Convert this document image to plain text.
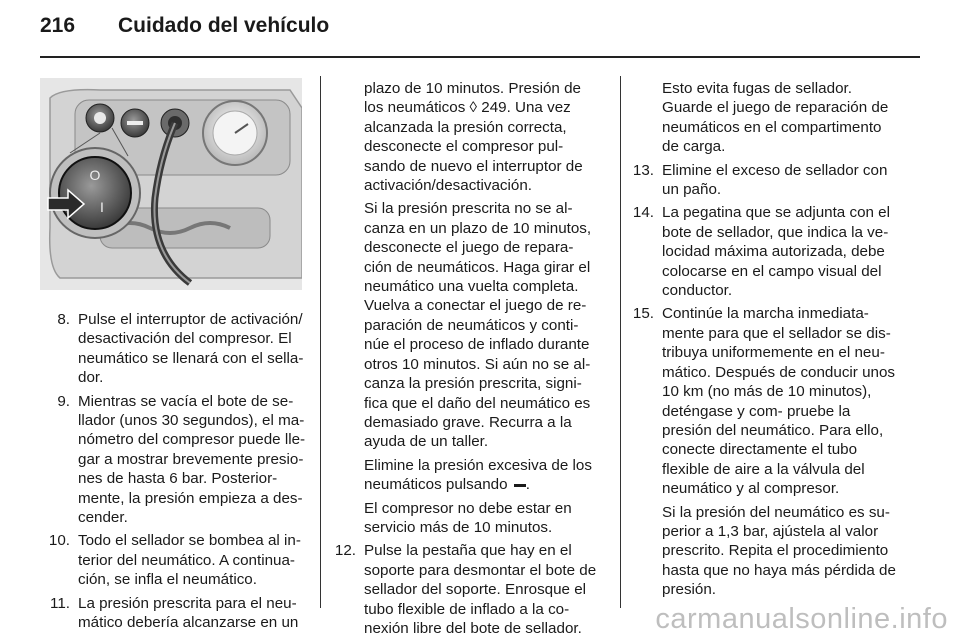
216	Cuidado del vehículo
O
I
8. Pulse el interruptor de activación/ desactivación del compresor. El neumático se llenará con el sella- dor.
9. Mientras se vacía el bote de se- llador (unos 30 segundos), el ma- nómetro del compresor puede lle- gar a mostrar brevemente presio- nes de hasta 6 bar. Posterior- mente, la presión empieza a des- cender.
10. Todo el sellador se bombea al in- terior del neumático. A continua- ción, se infla el neumático.
11. La presión prescrita para el neu- mático debería alcanzarse en un
plazo de 10 minutos. Presión de los neumáticos ◊ 249. Una vez alcanzada la presión correcta, desconecte el compresor pul- sando de nuevo el interruptor de activación/desactivación.
Si la presión prescrita no se al- canza en un plazo de 10 minutos, desconecte el juego de repara- ción de neumáticos. Haga girar el neumático una vuelta completa. Vuelva a conectar el juego de re- paración de neumáticos y conti- núe el proceso de inflado durante otros 10 minutos. Si aún no se al- canza la presión prescrita, signi- fica que el daño del neumático es demasiado grave. Recurra a la ayuda de un taller.
Elimine la presión excesiva de los neumáticos pulsando .
El compresor no debe estar en servicio más de 10 minutos.
12. Pulse la pestaña que hay en el soporte para desmontar el bote de sellador del soporte. Enrosque el tubo flexible de inflado a la co- nexión libre del bote de sellador.
Esto evita fugas de sellador. Guarde el juego de reparación de neumáticos en el compartimento de carga.
13. Elimine el exceso de sellador con un paño.
14. La pegatina que se adjunta con el bote de sellador, que indica la ve- locidad máxima autorizada, debe colocarse en el campo visual del conductor.
15. Continúe la marcha inmediata- mente para que el sellador se dis- tribuya uniformemente en el neu- mático. Después de conducir unos 10 km (no más de 10 minutos), deténgase y com- pruebe la presión del neumático. Para ello, conecte directamente el tubo flexible de aire a la válvula del neumático y al compresor.
Si la presión del neumático es su- perior a 1,3 bar, ajústela al valor prescrito. Repita el procedimiento hasta que no haya más pérdida de presión.
carmanualsonline.info
